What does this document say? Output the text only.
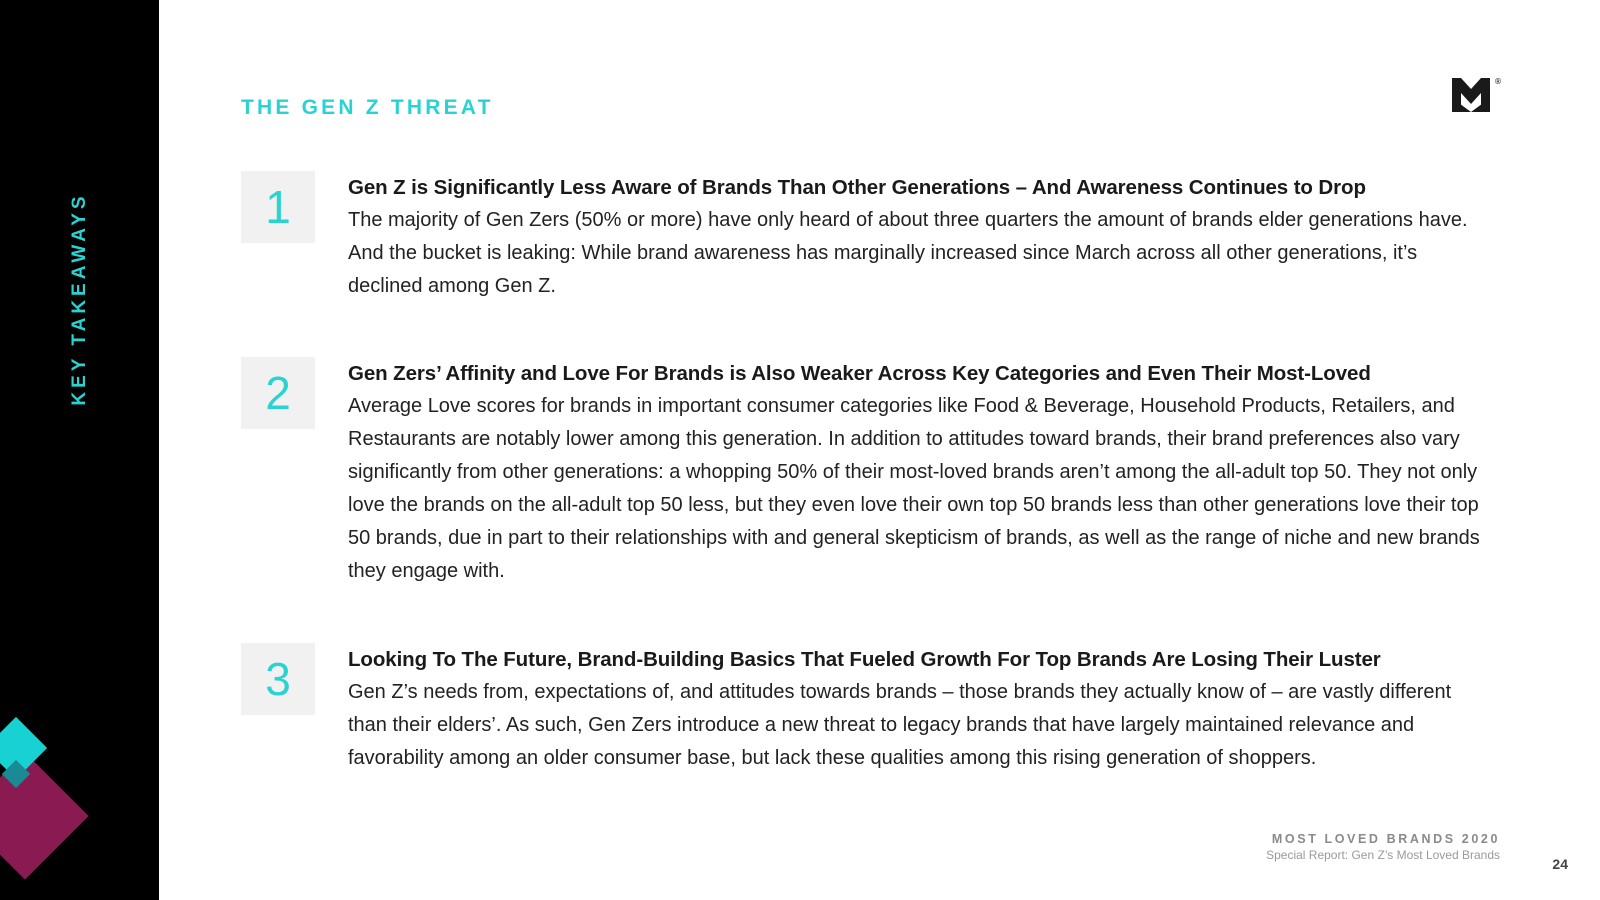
KEY TAKEAWAYS
THE GEN Z THREAT
®
1	Gen Z is Significantly Less Aware of Brands Than Other Generations – And Awareness Continues to Drop
The majority of Gen Zers (50% or more) have only heard of about three quarters the amount of brands elder generations have. And the bucket is leaking: While brand awareness has marginally increased since March across all other generations, it’s declined among Gen Z.
2	Gen Zers’ Affinity and Love For Brands is Also Weaker Across Key Categories and Even Their Most-Loved
Average Love scores for brands in important consumer categories like Food & Beverage, Household Products, Retailers, and Restaurants are notably lower among this generation. In addition to attitudes toward brands, their brand preferences also vary significantly from other generations: a whopping 50% of their most-loved brands aren’t among the all-adult top 50. They not only love the brands on the all-adult top 50 less, but they even love their own top 50 brands less than other generations love their top 50 brands, due in part to their relationships with and general skepticism of brands, as well as the range of niche and new brands they engage with.
3	Looking To The Future, Brand-Building Basics That Fueled Growth For Top Brands Are Losing Their Luster
Gen Z’s needs from, expectations of, and attitudes towards brands – those brands they actually know of – are vastly different than their elders’. As such, Gen Zers introduce a new threat to legacy brands that have largely maintained relevance and favorability among an older consumer base, but lack these qualities among this rising generation of shoppers.
MOST LOVED BRANDS 2020
Special Report: Gen Z’s Most Loved Brands
24
